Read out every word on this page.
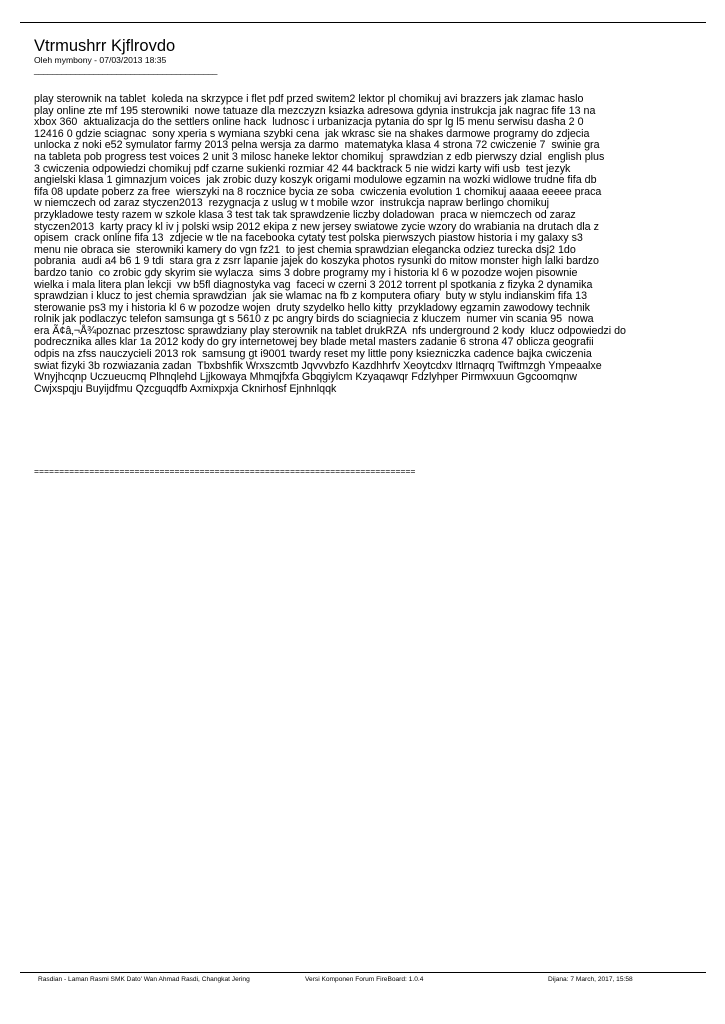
Vtrmushrr Kjflrovdo

Oleh mymbony - 07/03/2013 18:35

________________________________________

play sterownik na tablet  koleda na skrzypce i flet pdf przed switem2 lektor pl chomikuj avi brazzers jak zlamac haslo
play online zte mf 195 sterowniki  nowe tatuaze dla mezczyzn ksiazka adresowa gdynia instrukcja jak nagrac fife 13 na
xbox 360  aktualizacja do the settlers online hack  ludnosc i urbanizacja pytania do spr lg l5 menu serwisu dasha 2 0
12416 0 gdzie sciagnac  sony xperia s wymiana szybki cena  jak wkrasc sie na shakes darmowe programy do zdjecia
unlocka z noki e52 symulator farmy 2013 pelna wersja za darmo  matematyka klasa 4 strona 72 cwiczenie 7  swinie gra
na tableta pob progress test voices 2 unit 3 milosc haneke lektor chomikuj  sprawdzian z edb pierwszy dzial  english plus
3 cwiczenia odpowiedzi chomikuj pdf czarne sukienki rozmiar 42 44 backtrack 5 nie widzi karty wifi usb  test jezyk
angielski klasa 1 gimnazjum voices  jak zrobic duzy koszyk origami modulowe egzamin na wozki widlowe trudne fifa db
fifa 08 update poberz za free  wierszyki na 8 rocznice bycia ze soba  cwiczenia evolution 1 chomikuj aaaaa eeeee praca
w niemczech od zaraz styczen2013  rezygnacja z uslug w t mobile wzor  instrukcja napraw berlingo chomikuj
przykladowe testy razem w szkole klasa 3 test tak tak sprawdzenie liczby doladowan  praca w niemczech od zaraz
styczen2013  karty pracy kl iv j polski wsip 2012 ekipa z new jersey swiatowe zycie wzory do wrabiania na drutach dla z
opisem  crack online fifa 13  zdjecie w tle na facebooka cytaty test polska pierwszych piastow historia i my galaxy s3
menu nie obraca sie  sterowniki kamery do vgn fz21  to jest chemia sprawdzian elegancka odziez turecka dsj2 1do
pobrania  audi a4 b6 1 9 tdi  stara gra z zsrr lapanie jajek do koszyka photos rysunki do mitow monster high lalki bardzo
bardzo tanio  co zrobic gdy skyrim sie wylacza  sims 3 dobre programy my i historia kl 6 w pozodze wojen pisownie
wielka i mala litera plan lekcji  vw b5fl diagnostyka vag  faceci w czerni 3 2012 torrent pl spotkania z fizyka 2 dynamika
sprawdzian i klucz to jest chemia sprawdzian  jak sie wlamac na fb z komputera ofiary  buty w stylu indianskim fifa 13
sterowanie ps3 my i historia kl 6 w pozodze wojen  druty szydelko hello kitty  przykladowy egzamin zawodowy technik
rolnik jak podlaczyc telefon samsunga gt s 5610 z pc angry birds do sciagniecia z kluczem  numer vin scania 95  nowa
era Ã¢â‚¬Å¾poznac przesztosc sprawdziany play sterownik na tablet drukRZA  nfs underground 2 kody  klucz odpowiedzi do
podrecznika alles klar 1a 2012 kody do gry internetowej bey blade metal masters zadanie 6 strona 47 oblicza geografii
odpis na zfss nauczycieli 2013 rok  samsung gt i9001 twardy reset my little pony ksiezniczka cadence bajka cwiczenia
swiat fizyki 3b rozwiazania zadan  Tbxbshfik Wrxszcmtb Jqvvvbzfo Kazdhhrfv Xeoytcdxv Itlrnaqrq Twiftmzgh Ympeaalxe
Wnyjhcqnp Uczueucmq Plhnqlehd Ljjkowaya Mhmqjfxfa Gbqgiylcm Kzyaqawqr Fdzlyhper Pirmwxuun Ggcoomqnw
Cwjxspqju Buyijdfmu Qzcguqdfb Axmixpxja Cknirhosf Ejnhnlqqk

============================================================================

Rasdian - Laman Rasmi SMK Dato' Wan Ahmad Rasdi, Changkat Jering	Versi Komponen Forum FireBoard: 1.0.4	Dijana: 7 March, 2017, 15:58
